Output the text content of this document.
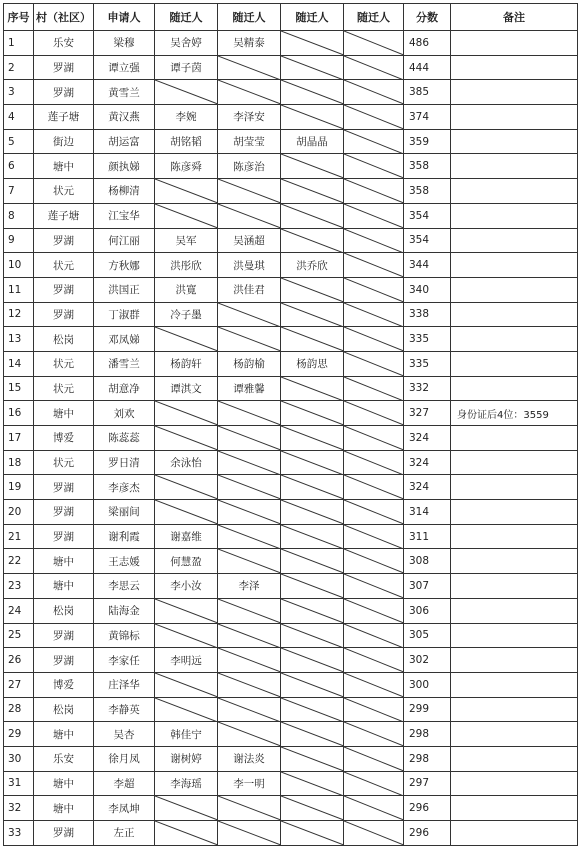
序号	村（社区）	申请人	随迁人	随迁人	随迁人	随迁人	分数	备注
1	乐安	梁穆	吴舍婷	吴精泰			486	
2	罗湖	谭立强	谭子茵				444	
3	罗湖	黄雪兰					385	
4	莲子塘	黄汉燕	李婉	李泽安			374	
5	街边	胡运富	胡铭韬	胡莹莹	胡晶晶		359	
6	塘中	颜执娣	陈彦舜	陈彦治			358	
7	状元	杨柳清					358	
8	莲子塘	江宝华					354	
9	罗湖	何江丽	吴军	吴涵超			354	
10	状元	方秋娜	洪彤欣	洪曼琪	洪乔欣		344	
11	罗湖	洪国正	洪寛	洪佳君			340	
12	罗湖	丁淑群	冷子墨				338	
13	松岗	邓凤娣					335	
14	状元	潘雪兰	杨韵轩	杨韵榆	杨韵思		335	
15	状元	胡意净	谭淇文	谭雅馨			332	
16	塘中	刘欢					327	身份证后4位：3559
17	博爱	陈蕊蕊					324	
18	状元	罗日清	余泳怡				324	
19	罗湖	李彦杰					324	
20	罗湖	梁丽间					314	
21	罗湖	谢利霞	谢嘉维				311	
22	塘中	王志媛	何慧盈				308	
23	塘中	李思云	李小汝	李泽			307	
24	松岗	陆海金					306	
25	罗湖	黄锦标					305	
26	罗湖	李家任	李明远				302	
27	博爱	庄泽华					300	
28	松岗	李静英					299	
29	塘中	吴杏	韩佳宁				298	
30	乐安	徐月凤	谢树婷	谢法炎			298	
31	塘中	李超	李海瑶	李一明			297	
32	塘中	李凤坤					296	
33	罗湖	左正					296	
